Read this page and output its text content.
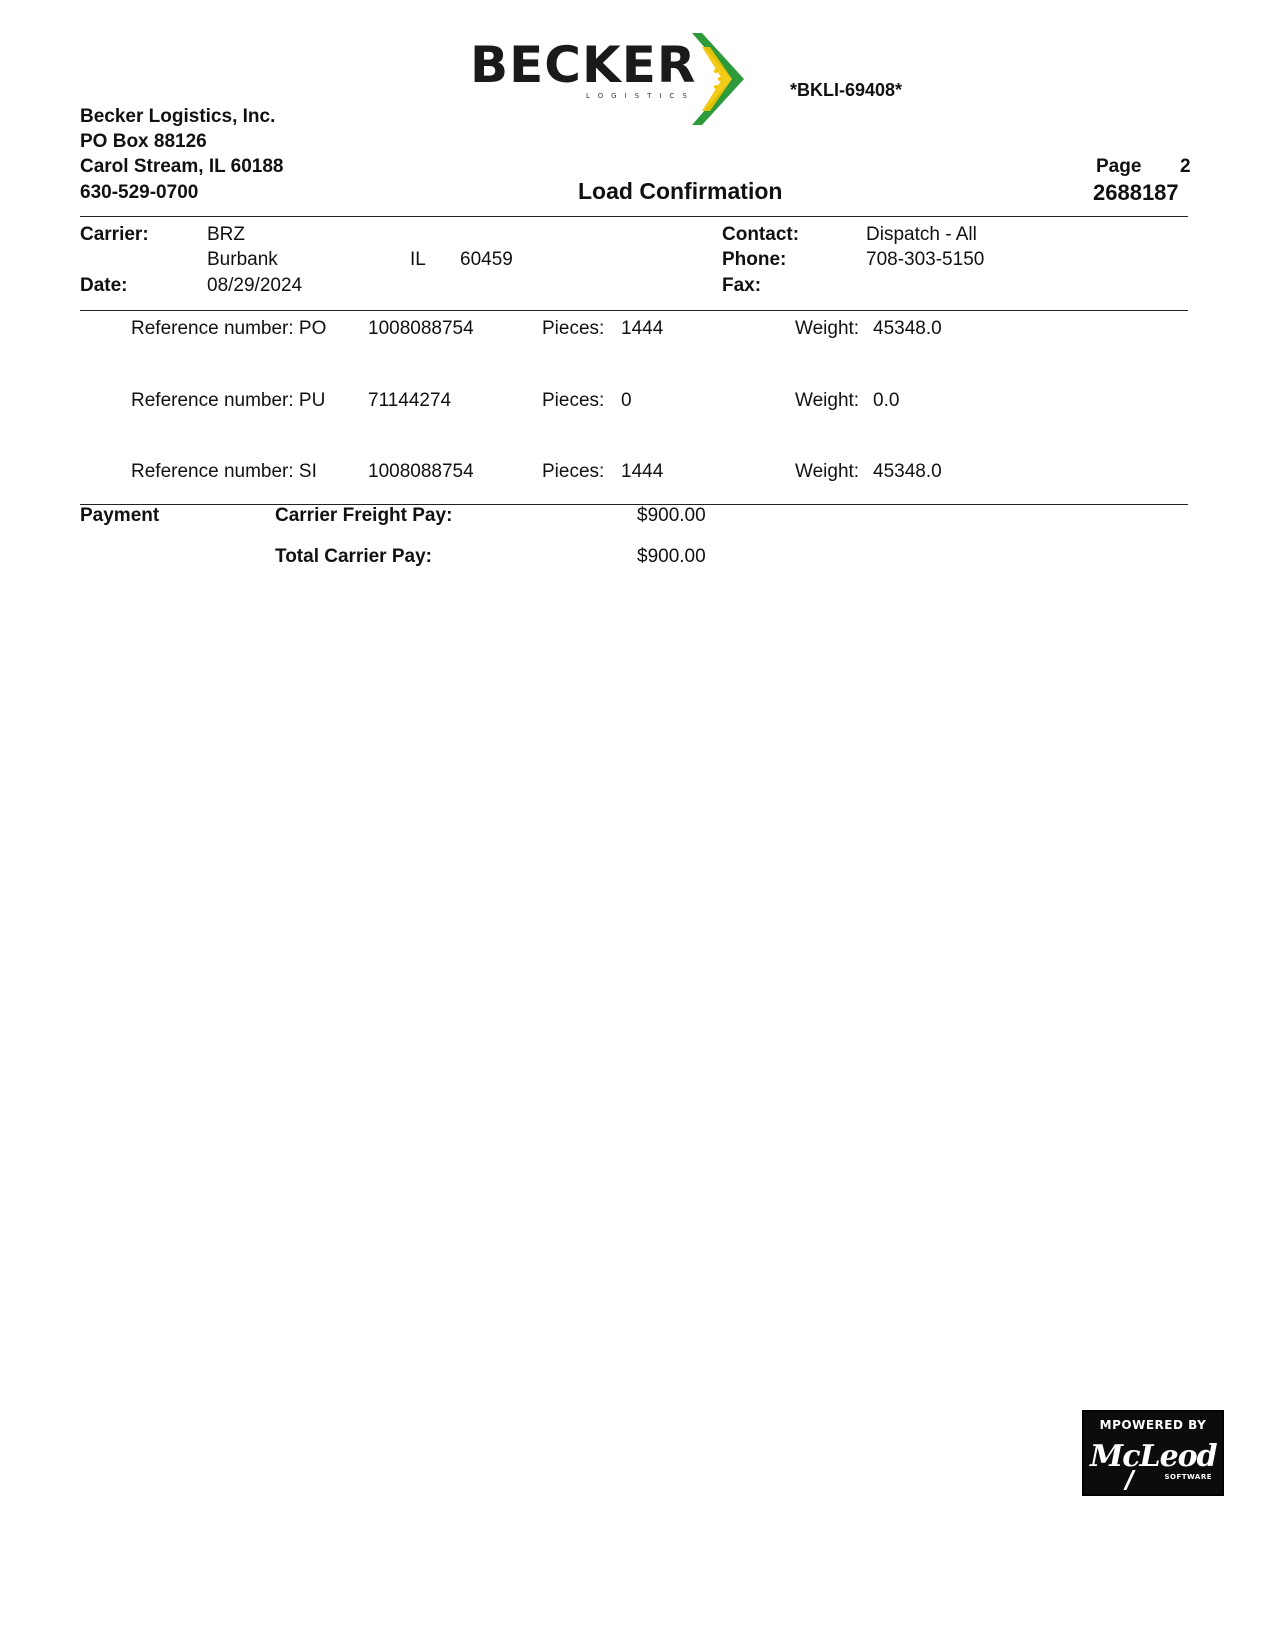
BECKER
LOGISTICS	*BKLI-69408*
Becker Logistics, Inc.
PO Box 88126
Carol Stream, IL 60188
630-529-0700	Load Confirmation
Page 2
2688187
Carrier:	BRZ
Burbank	IL 60459
Date:	08/29/2024
Contact:	Dispatch - All
Phone:	708-303-5150
Fax:
Reference number: PO 1008088754	Pieces: 1444	Weight: 45348.0
Reference number: PU 71144274	Pieces: 0	Weight: 0.0
Reference number: SI	1008088754	Pieces: 1444	Weight: 45348.0
Payment	Carrier Freight Pay:	$900.00
Total Carrier Pay:	$900.00
MPOWERED BY
McLeod
SOFTWARE
